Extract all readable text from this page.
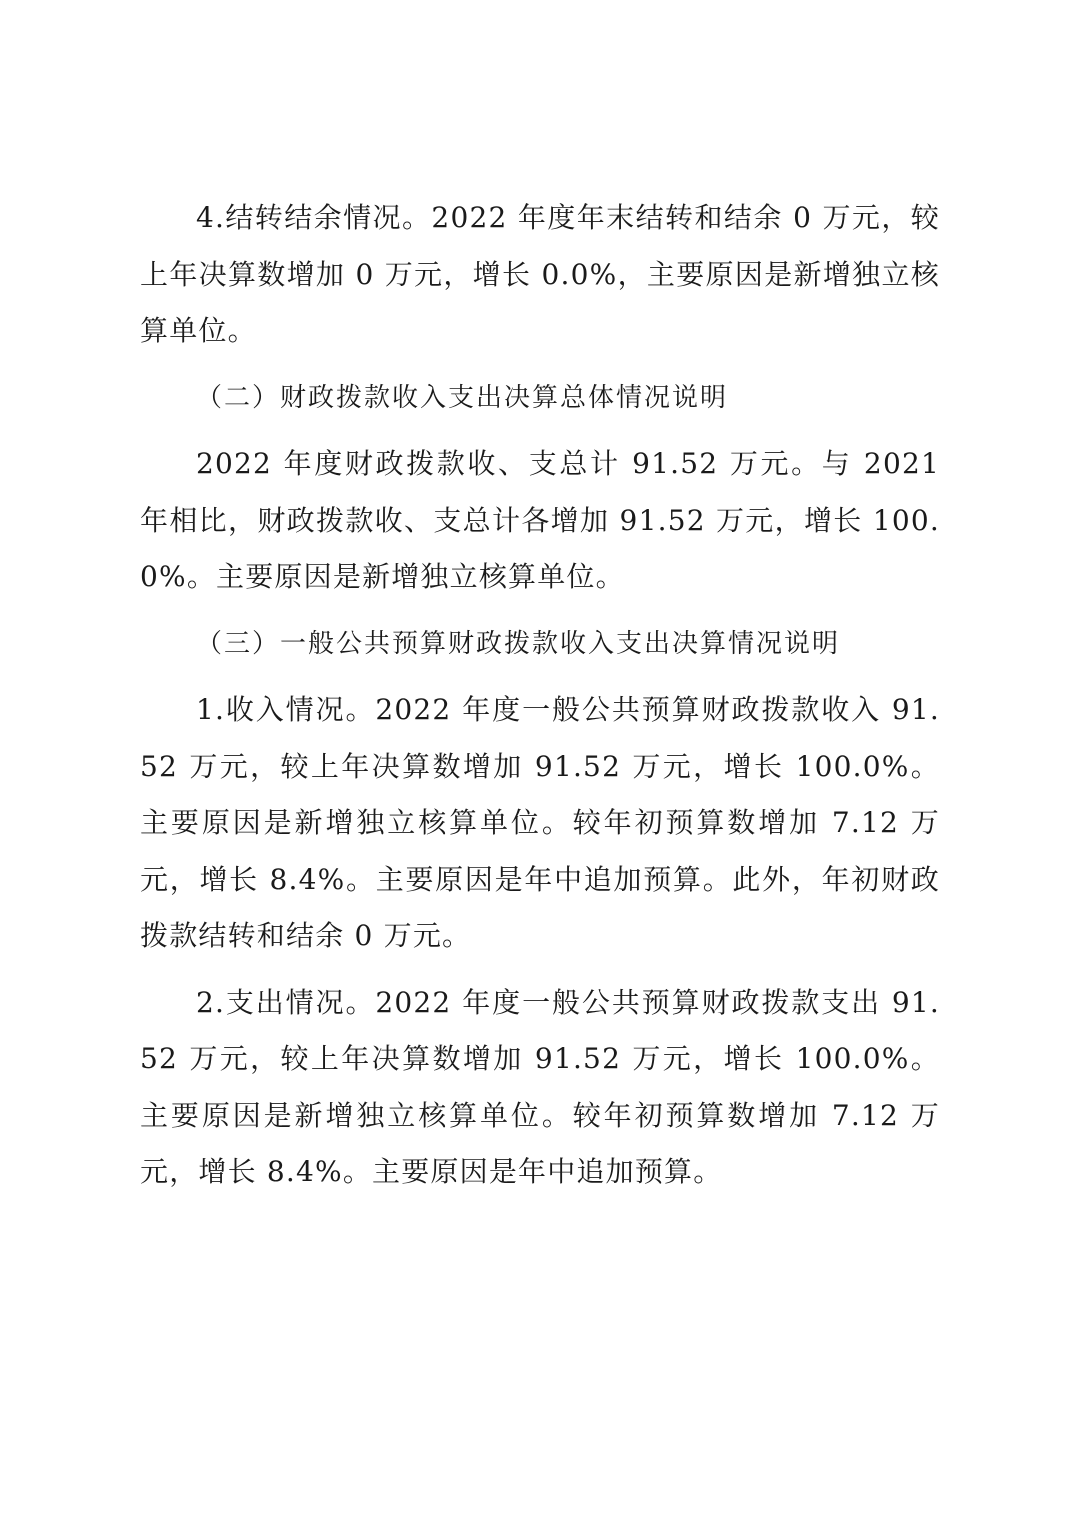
4.结转结余情况。2022 年度年末结转和结余 0 万元，较上年决算数增加 0 万元，增长 0.0%，主要原因是新增独立核算单位。

（二）财政拨款收入支出决算总体情况说明

2022 年度财政拨款收、支总计 91.52 万元。与 2021 年相比，财政拨款收、支总计各增加 91.52 万元，增长 100.0%。主要原因是新增独立核算单位。

（三）一般公共预算财政拨款收入支出决算情况说明

1.收入情况。2022 年度一般公共预算财政拨款收入 91.52 万元，较上年决算数增加 91.52 万元，增长 100.0%。主要原因是新增独立核算单位。较年初预算数增加 7.12 万元，增长 8.4%。主要原因是年中追加预算。此外，年初财政拨款结转和结余 0 万元。

2.支出情况。2022 年度一般公共预算财政拨款支出 91.52 万元，较上年决算数增加 91.52 万元，增长 100.0%。主要原因是新增独立核算单位。较年初预算数增加 7.12 万元，增长 8.4%。主要原因是年中追加预算。
